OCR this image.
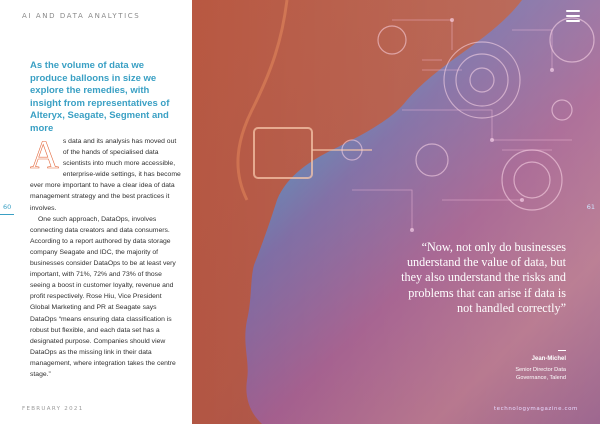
AI AND DATA ANALYTICS
As the volume of data we produce balloons in size we explore the remedies, with insight from representatives of Alteryx, Seagate, Segment and more

As data and its analysis has moved out of the hands of specialised data scientists into much more accessible, enterprise-wide settings, it has become ever more important to have a clear idea of data management strategy and the best practices it involves.

One such approach, DataOps, involves connecting data creators and data consumers. According to a report authored by data storage company Seagate and IDC, the majority of businesses consider DataOps to be at least very important, with 71%, 72% and 73% of those seeing a boost in customer loyalty, revenue and profit respectively. Rose Hiu, Vice President Global Marketing and PR at Seagate says DataOps “means ensuring data classification is robust but flexible, and each data set has a designated purpose. Companies should view DataOps as the missing link in their data management, where integration takes the centre stage.”

60
FEBRUARY 2021
61
“Now, not only do businesses understand the value of data, but they also understand the risks and problems that can arise if data is not handled correctly”
Jean-Michel
Senior Director Data Governance, Talend
technologymagazine.com
